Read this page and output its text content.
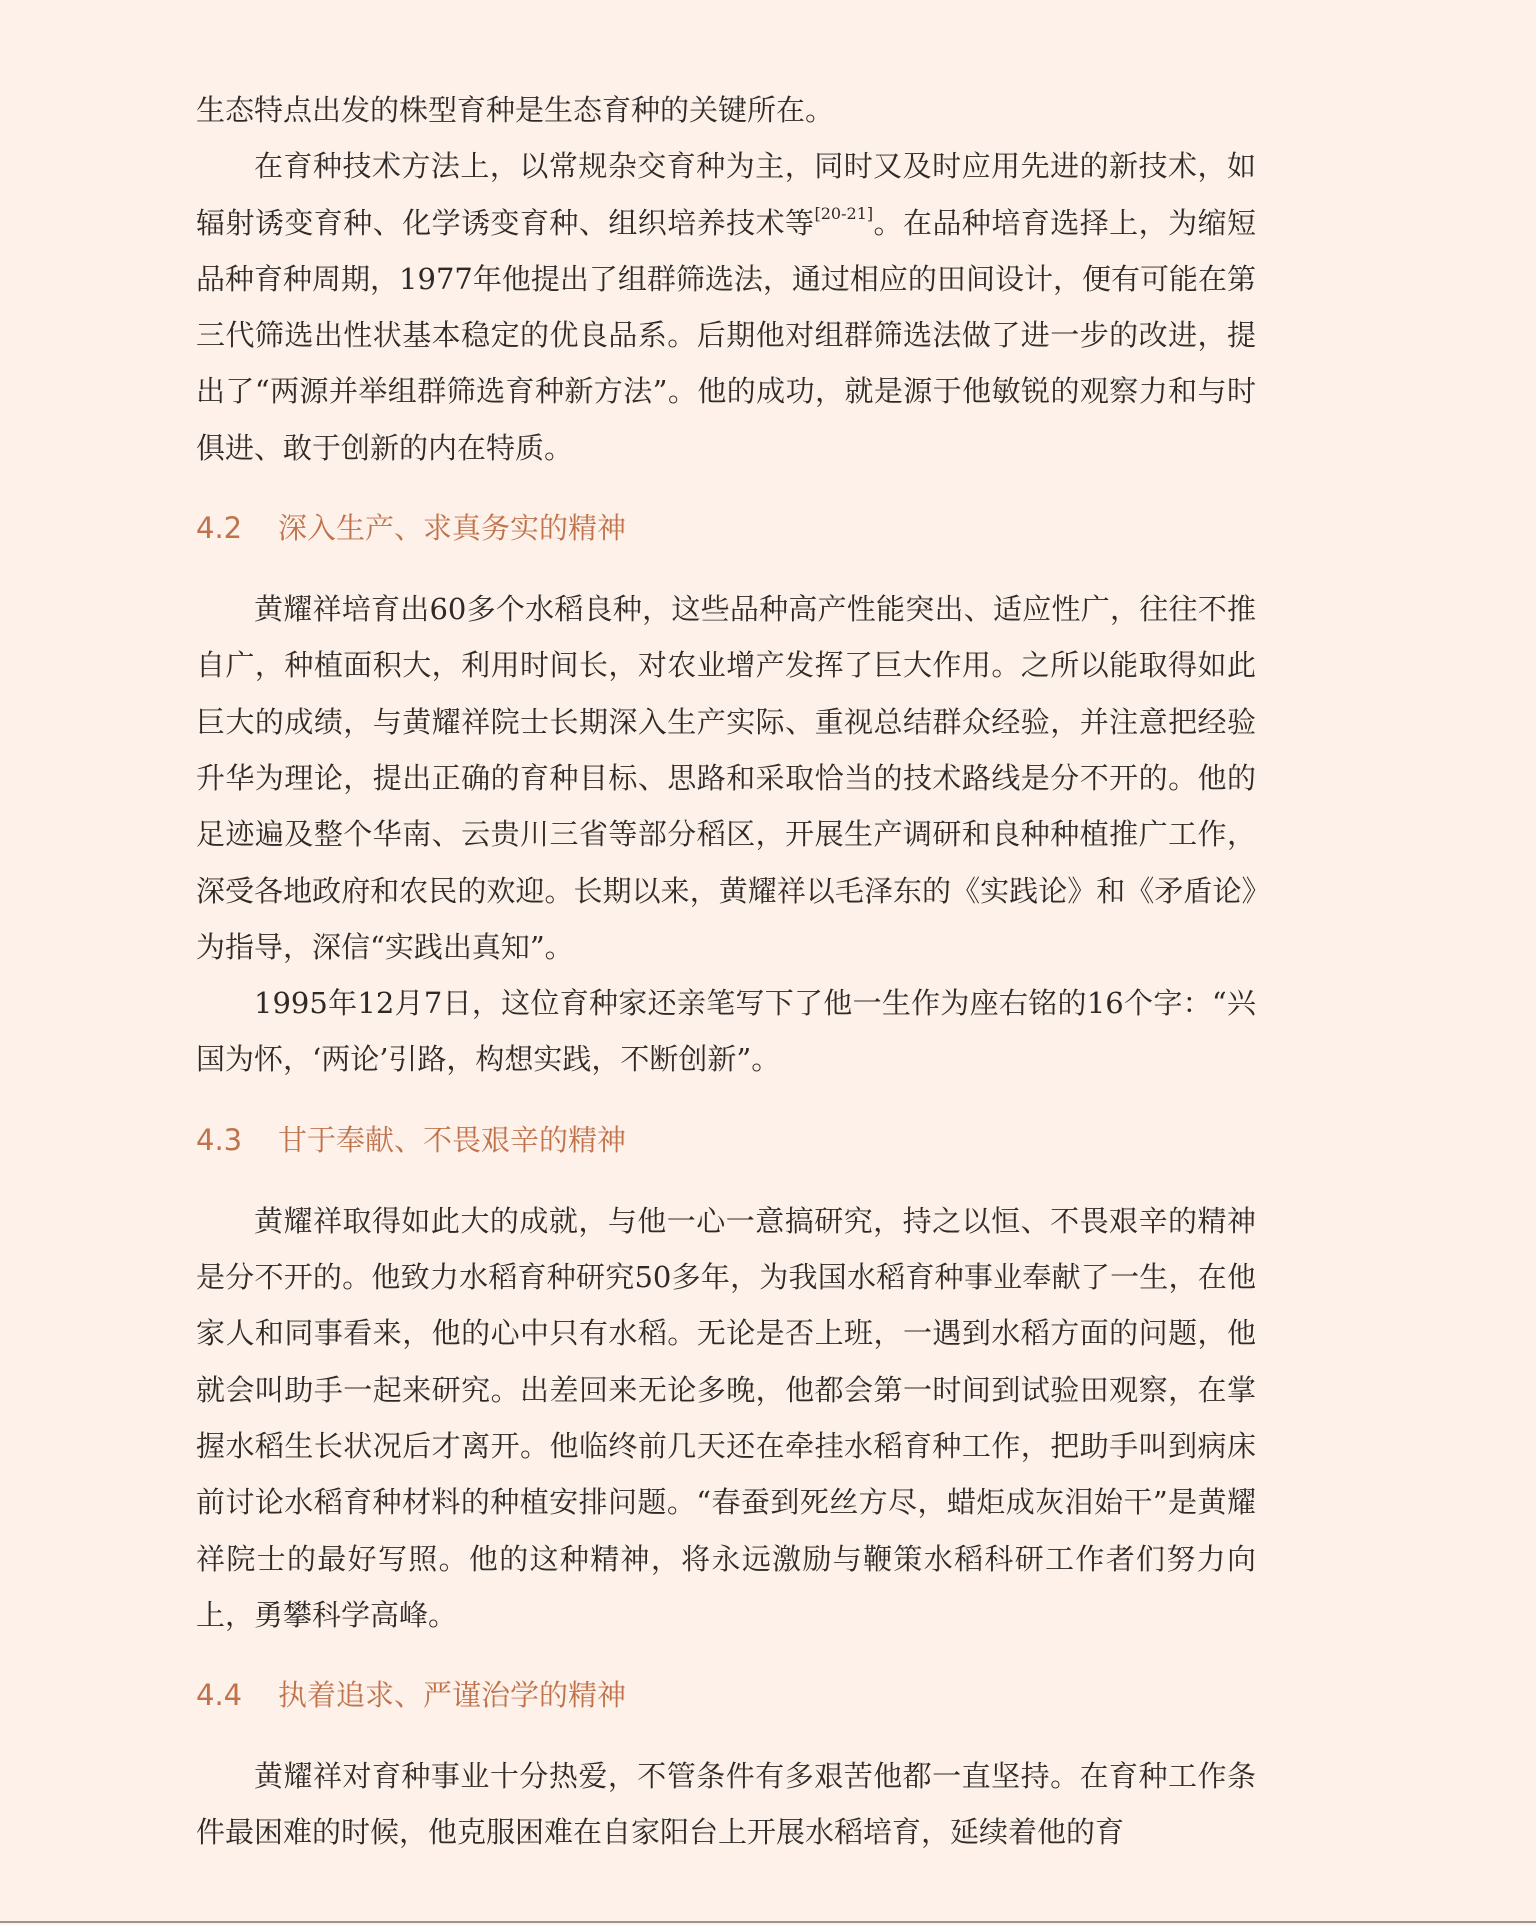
生态特点出发的株型育种是生态育种的关键所在。

在育种技术方法上，以常规杂交育种为主，同时又及时应用先进的新技术，如辐射诱变育种、化学诱变育种、组织培养技术等[20-21]。在品种培育选择上，为缩短品种育种周期，1977年他提出了组群筛选法，通过相应的田间设计，便有可能在第三代筛选出性状基本稳定的优良品系。后期他对组群筛选法做了进一步的改进，提出了“两源并举组群筛选育种新方法”。他的成功，就是源于他敏锐的观察力和与时俱进、敢于创新的内在特质。

4.2 深入生产、求真务实的精神

黄耀祥培育出60多个水稻良种，这些品种高产性能突出、适应性广，往往不推自广，种植面积大，利用时间长，对农业增产发挥了巨大作用。之所以能取得如此巨大的成绩，与黄耀祥院士长期深入生产实际、重视总结群众经验，并注意把经验升华为理论，提出正确的育种目标、思路和采取恰当的技术路线是分不开的。他的足迹遍及整个华南、云贵川三省等部分稻区，开展生产调研和良种种植推广工作，深受各地政府和农民的欢迎。长期以来，黄耀祥以毛泽东的《实践论》和《矛盾论》为指导，深信“实践出真知”。

1995年12月7日，这位育种家还亲笔写下了他一生作为座右铭的16个字：“兴国为怀，‘两论’引路，构想实践，不断创新”。

4.3 甘于奉献、不畏艰辛的精神

黄耀祥取得如此大的成就，与他一心一意搞研究，持之以恒、不畏艰辛的精神是分不开的。他致力水稻育种研究50多年，为我国水稻育种事业奉献了一生，在他家人和同事看来，他的心中只有水稻。无论是否上班，一遇到水稻方面的问题，他就会叫助手一起来研究。出差回来无论多晚，他都会第一时间到试验田观察，在掌握水稻生长状况后才离开。他临终前几天还在牵挂水稻育种工作，把助手叫到病床前讨论水稻育种材料的种植安排问题。“春蚕到死丝方尽，蜡炬成灰泪始干”是黄耀祥院士的最好写照。他的这种精神，将永远激励与鞭策水稻科研工作者们努力向上，勇攀科学高峰。

4.4 执着追求、严谨治学的精神

黄耀祥对育种事业十分热爱，不管条件有多艰苦他都一直坚持。在育种工作条件最困难的时候，他克服困难在自家阳台上开展水稻培育，延续着他的育
